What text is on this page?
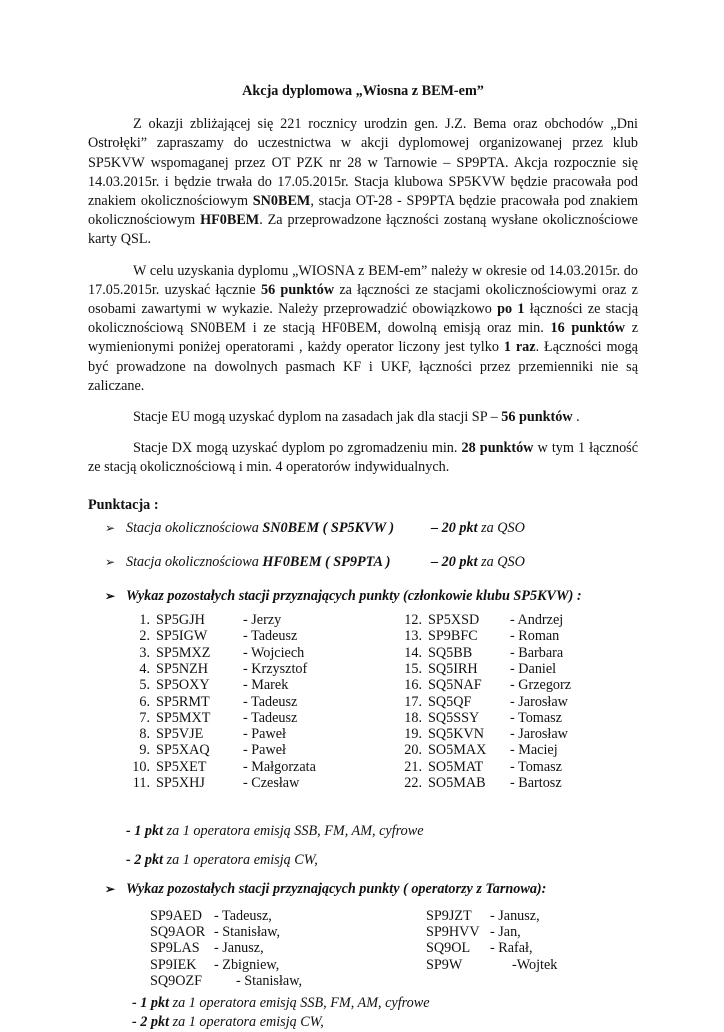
Akcja dyplomowa „Wiosna z BEM-em”

Z okazji zbliżającej się 221 rocznicy urodzin gen. J.Z. Bema oraz obchodów „Dni Ostrołęki” zapraszamy do uczestnictwa w akcji dyplomowej organizowanej przez klub SP5KVW wspomaganej przez OT PZK nr 28 w Tarnowie – SP9PTA. Akcja rozpocznie się 14.03.2015r. i będzie trwała do 17.05.2015r. Stacja klubowa SP5KVW będzie pracowała pod znakiem okolicznościowym SN0BEM, stacja OT-28 - SP9PTA będzie pracowała pod znakiem okolicznościowym HF0BEM. Za przeprowadzone łączności zostaną wysłane okolicznościowe karty QSL.

W celu uzyskania dyplomu „WIOSNA z BEM-em” należy w okresie od 14.03.2015r. do 17.05.2015r. uzyskać łącznie 56 punktów za łączności ze stacjami okolicznościowymi oraz z osobami zawartymi w wykazie. Należy przeprowadzić obowiązkowo po 1 łączności ze stacją okolicznościową SN0BEM i ze stacją HF0BEM, dowolną emisją oraz min. 16 punktów z wymienionymi poniżej operatorami , każdy operator liczony jest tylko 1 raz. Łączności mogą być prowadzone na dowolnych pasmach KF i UKF, łączności przez przemienniki nie są zaliczane.

Stacje EU mogą uzyskać dyplom na zasadach jak dla stacji SP – 56 punktów .

Stacje DX mogą uzyskać dyplom po zgromadzeniu min. 28 punktów w tym 1 łączność ze stacją okolicznościową i min. 4 operatorów indywidualnych.

Punktacja :
➢ Stacja okolicznościowa SN0BEM ( SP5KVW )	– 20 pkt za QSO
➢ Stacja okolicznościowa HF0BEM ( SP9PTA )	– 20 pkt za QSO
➢ Wykaz pozostałych stacji przyznających punkty (członkowie klubu SP5KVW) :
1. SP5GJH	- Jerzy
2. SP5IGW	- Tadeusz
3. SP5MXZ - Wojciech
4. SP5NZH - Krzysztof
5. SP5OXY - Marek
6. SP5RMT - Tadeusz
7. SP5MXT - Tadeusz
8. SP5VJE	- Paweł
9. SP5XAQ - Paweł
10. SP5XET	- Małgorzata
11. SP5XHJ	- Czesław
12. SP5XSD - Andrzej
13. SP9BFC - Roman
14. SQ5BB	- Barbara
15. SQ5IRH - Daniel
16. SQ5NAF - Grzegorz
17. SQ5QF	- Jarosław
18. SQ5SSY - Tomasz
19. SQ5KVN - Jarosław
20. SO5MAX - Maciej
21. SO5MAT - Tomasz
22. SO5MAB - Bartosz

- 1 pkt za 1 operatora emisją SSB, FM, AM, cyfrowe

- 2 pkt za 1 operatora emisją CW,

➢ Wykaz pozostałych stacji przyznających punkty ( operatorzy z Tarnowa):
SP9AED - Tadeusz,
SQ9AOR - Stanisław,
SP9LAS - Janusz,
SP9IEK - Zbigniew,
SQ9OZF - Stanisław,
SP9JZT - Janusz,
SP9HVV - Jan,
SQ9OL - Rafał,
SP9W	-Wojtek

- 1 pkt za 1 operatora emisją SSB, FM, AM, cyfrowe

- 2 pkt za 1 operatora emisją CW,
